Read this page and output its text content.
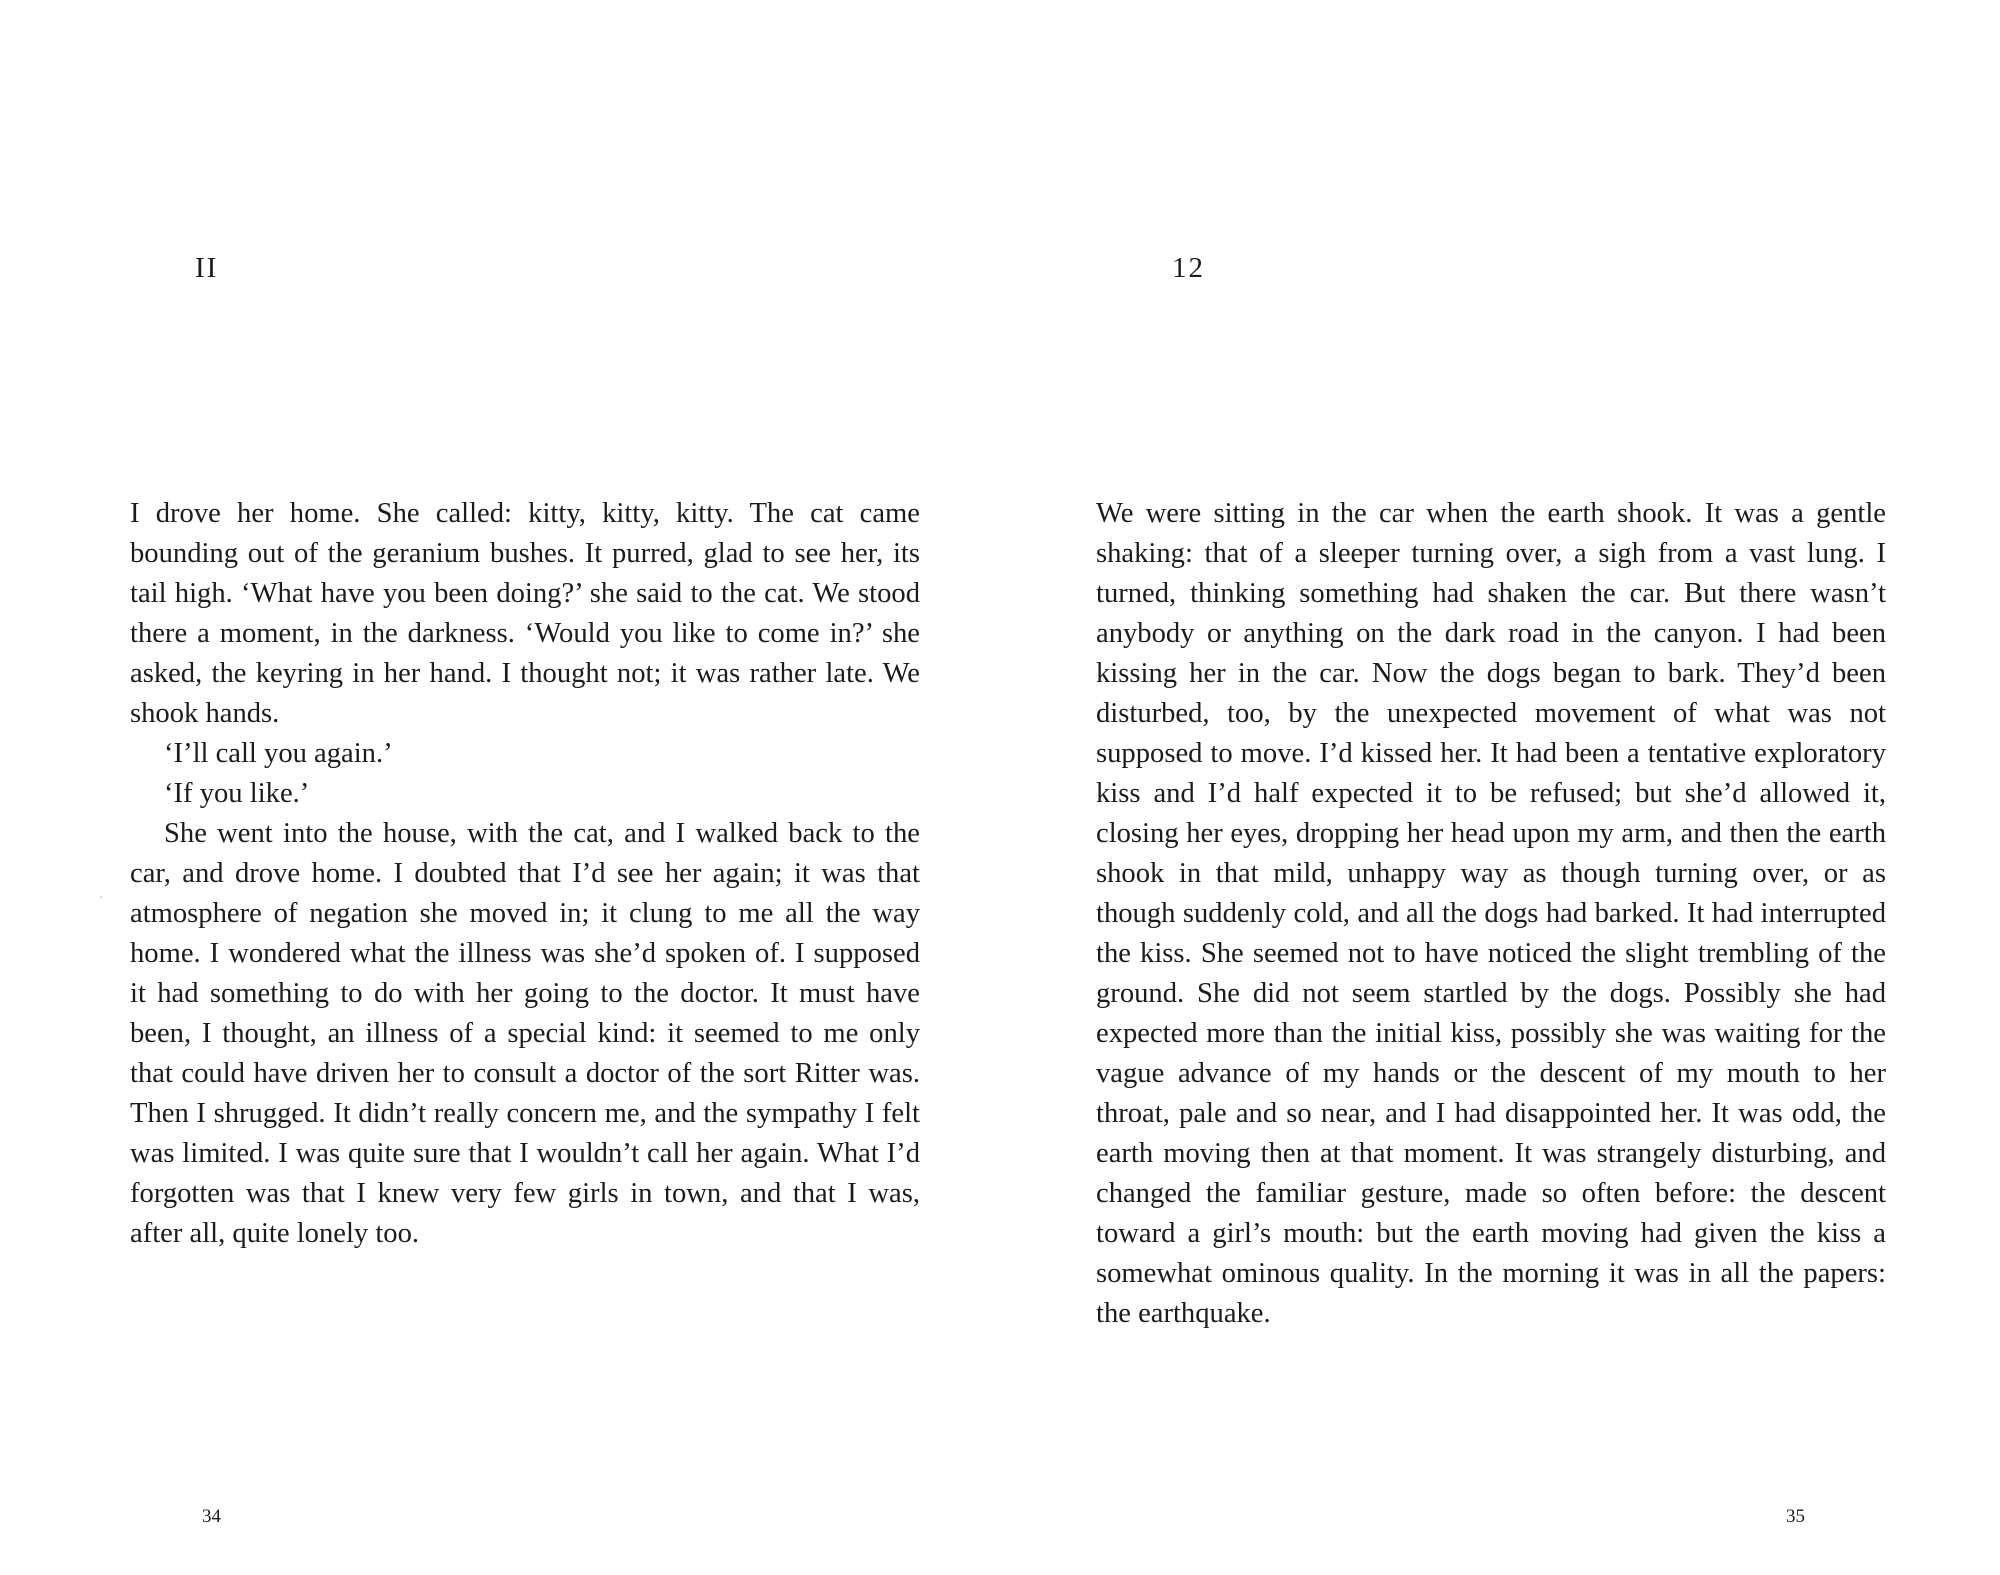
II

I drove her home. She called: kitty, kitty, kitty. The cat came bounding out of the geranium bushes. It purred, glad to see her, its tail high. ‘What have you been doing?’ she said to the cat. We stood there a moment, in the darkness. ‘Would you like to come in?’ she asked, the keyring in her hand. I thought not; it was rather late. We shook hands.

‘I’ll call you again.’

‘If you like.’

She went into the house, with the cat, and I walked back to the car, and drove home. I doubted that I’d see her again; it was that atmosphere of negation she moved in; it clung to me all the way home. I wondered what the illness was she’d spoken of. I supposed it had something to do with her going to the doctor. It must have been, I thought, an illness of a special kind: it seemed to me only that could have driven her to consult a doctor of the sort Ritter was. Then I shrugged. It didn’t really concern me, and the sympathy I felt was limited. I was quite sure that I wouldn’t call her again. What I’d forgotten was that I knew very few girls in town, and that I was, after all, quite lonely too.

34
12

We were sitting in the car when the earth shook. It was a gentle shaking: that of a sleeper turning over, a sigh from a vast lung. I turned, thinking something had shaken the car. But there wasn’t anybody or anything on the dark road in the canyon. I had been kissing her in the car. Now the dogs began to bark. They’d been disturbed, too, by the unexpected movement of what was not supposed to move. I’d kissed her. It had been a tentative exploratory kiss and I’d half expected it to be refused; but she’d allowed it, closing her eyes, dropping her head upon my arm, and then the earth shook in that mild, unhappy way as though turning over, or as though suddenly cold, and all the dogs had barked. It had interrupted the kiss. She seemed not to have noticed the slight trembling of the ground. She did not seem startled by the dogs. Possibly she had expected more than the initial kiss, possibly she was waiting for the vague advance of my hands or the descent of my mouth to her throat, pale and so near, and I had disappointed her. It was odd, the earth moving then at that moment. It was strangely disturbing, and changed the familiar gesture, made so often before: the descent toward a girl’s mouth: but the earth moving had given the kiss a somewhat ominous quality. In the morning it was in all the papers: the earthquake.

35
